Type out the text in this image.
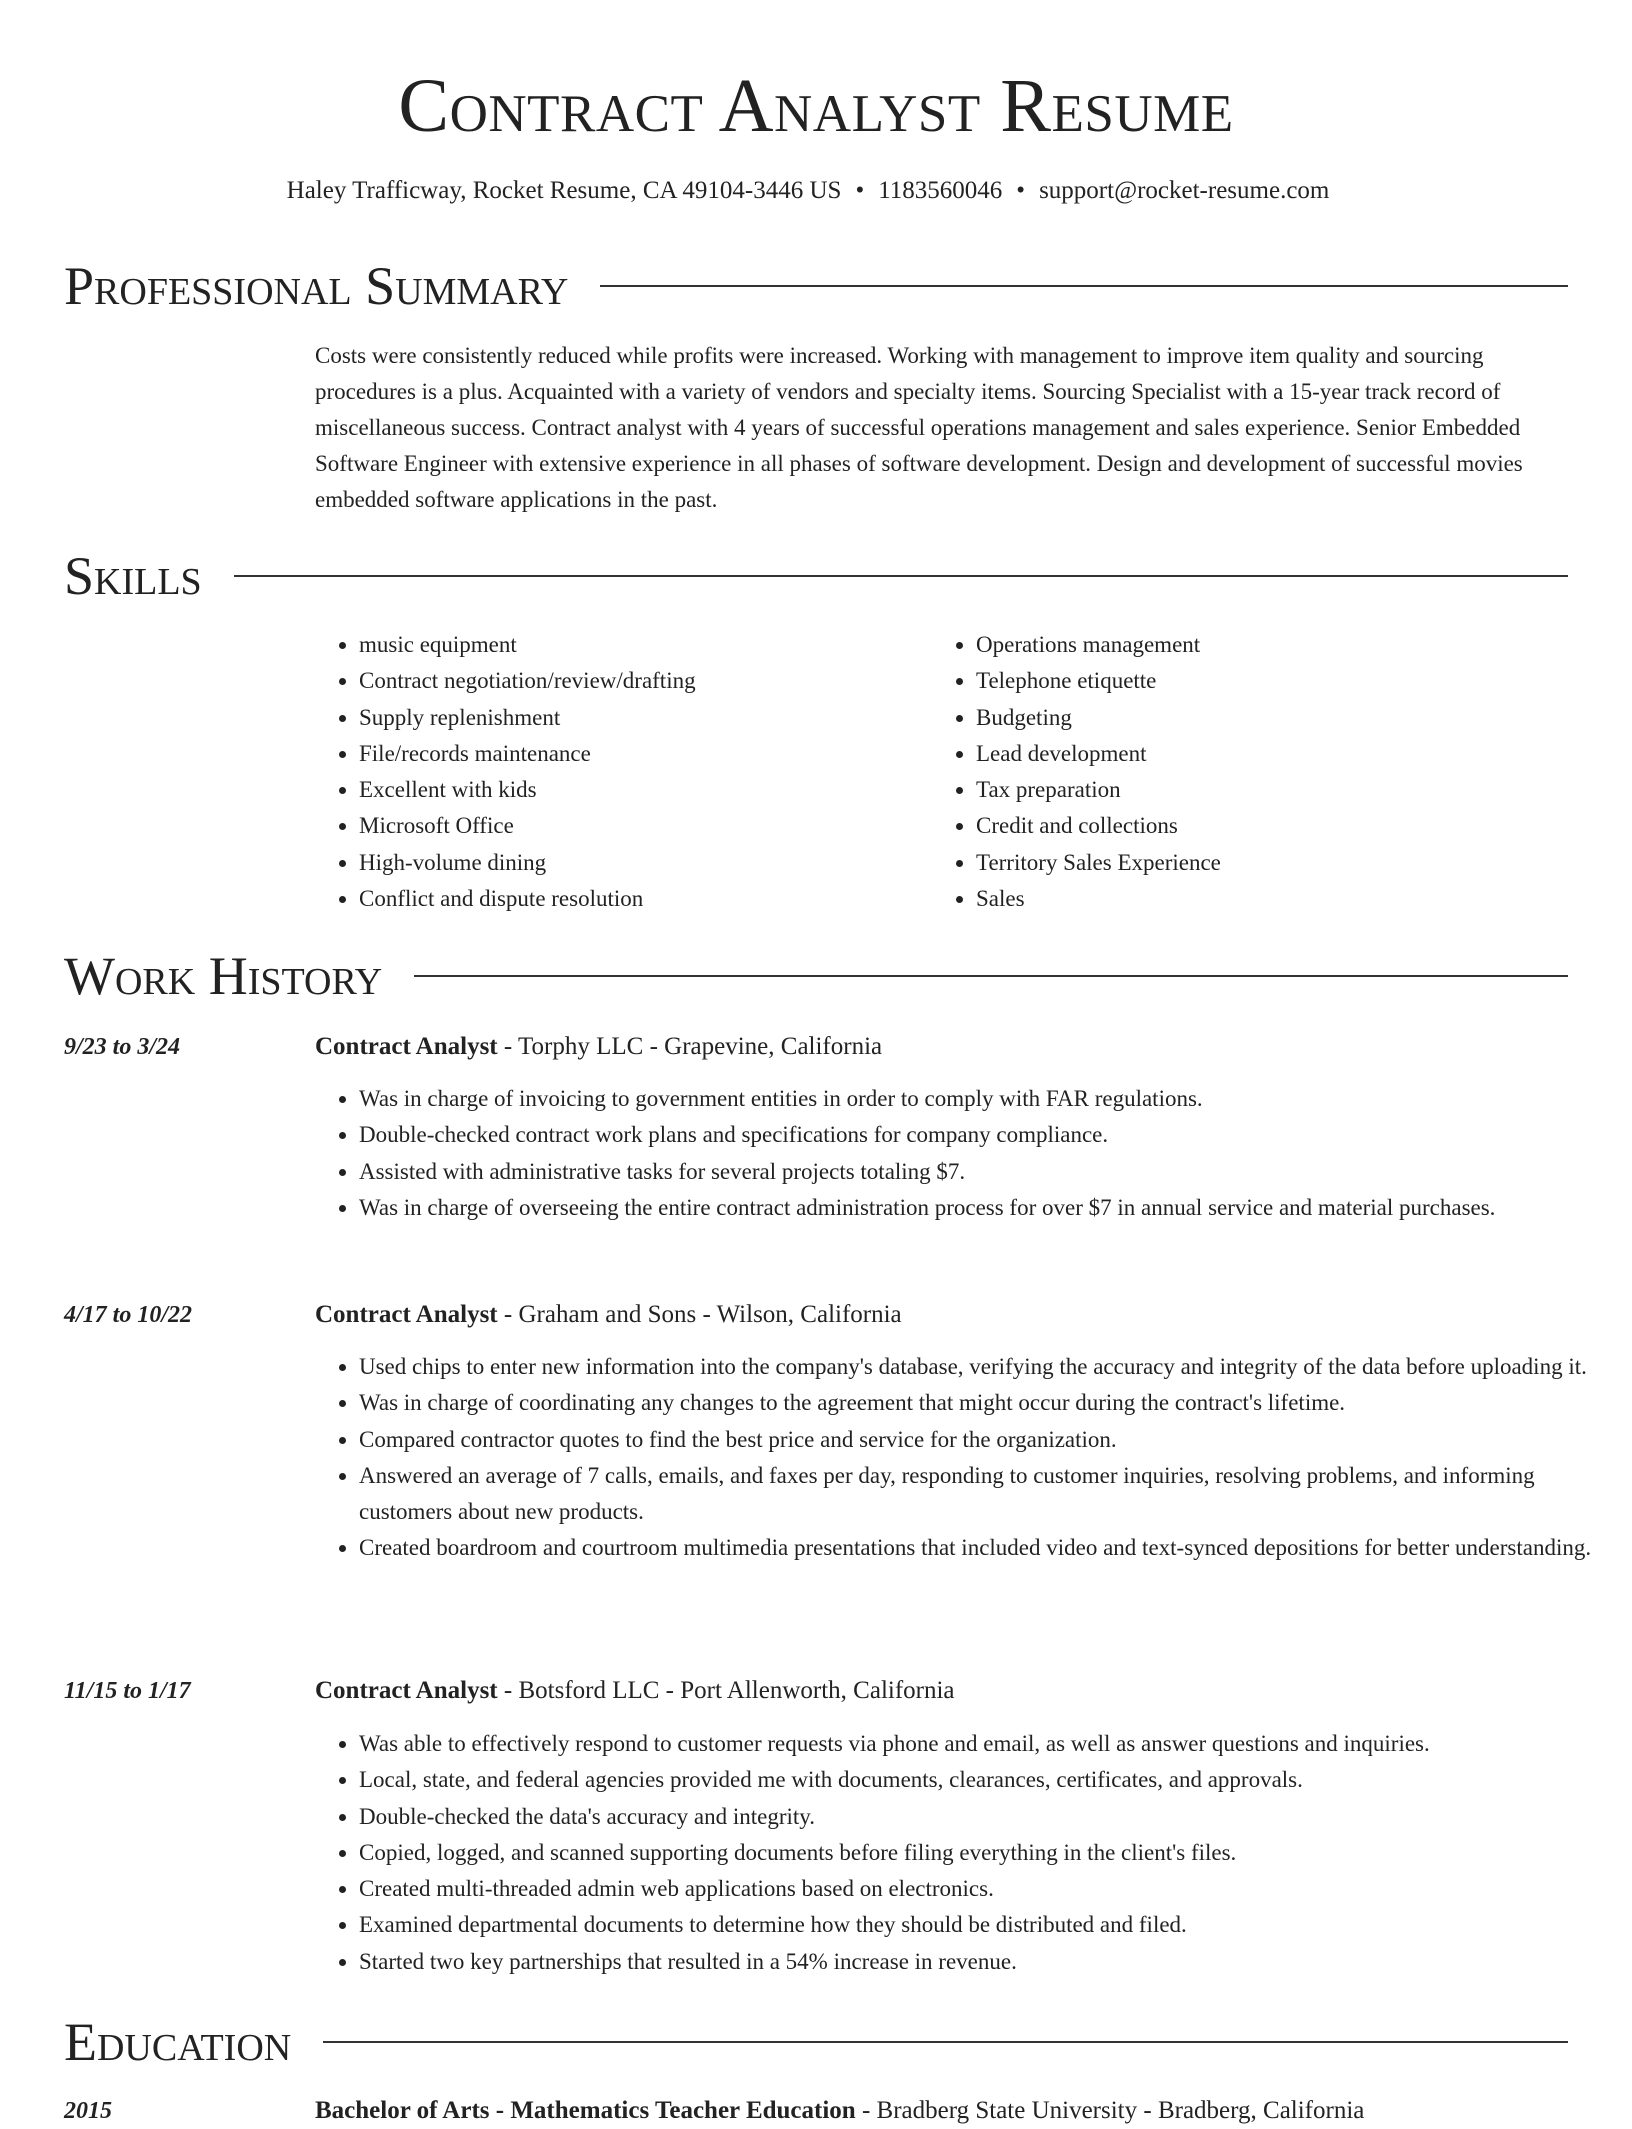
Contract Analyst Resume
Haley Trafficway, Rocket Resume, CA 49104-3446 US • 1183560046 • support@rocket-resume.com
Professional Summary

Costs were consistently reduced while profits were increased. Working with management to improve item quality and sourcing procedures is a plus. Acquainted with a variety of vendors and specialty items. Sourcing Specialist with a 15-year track record of miscellaneous success. Contract analyst with 4 years of successful operations management and sales experience. Senior Embedded Software Engineer with extensive experience in all phases of software development. Design and development of successful movies embedded software applications in the past.

Skills
• music equipment
• Contract negotiation/review/drafting
• Supply replenishment
• File/records maintenance
• Excellent with kids
• Microsoft Office
• High-volume dining
• Conflict and dispute resolution
• Operations management
• Telephone etiquette
• Budgeting
• Lead development
• Tax preparation
• Credit and collections
• Territory Sales Experience
• Sales
Work History
9/23 to 3/24	Contract Analyst - Torphy LLC - Grapevine, California
• Was in charge of invoicing to government entities in order to comply with FAR regulations.
• Double-checked contract work plans and specifications for company compliance.
• Assisted with administrative tasks for several projects totaling $7.
• Was in charge of overseeing the entire contract administration process for over $7 in annual service and material purchases.
4/17 to 10/22	Contract Analyst - Graham and Sons - Wilson, California
• Used chips to enter new information into the company's database, verifying the accuracy and integrity of the data before uploading it.
• Was in charge of coordinating any changes to the agreement that might occur during the contract's lifetime.
• Compared contractor quotes to find the best price and service for the organization.
• Answered an average of 7 calls, emails, and faxes per day, responding to customer inquiries, resolving problems, and informing customers about new products.
• Created boardroom and courtroom multimedia presentations that included video and text-synced depositions for better understanding.
11/15 to 1/17	Contract Analyst - Botsford LLC - Port Allenworth, California
• Was able to effectively respond to customer requests via phone and email, as well as answer questions and inquiries.
• Local, state, and federal agencies provided me with documents, clearances, certificates, and approvals.
• Double-checked the data's accuracy and integrity.
• Copied, logged, and scanned supporting documents before filing everything in the client's files.
• Created multi-threaded admin web applications based on electronics.
• Examined departmental documents to determine how they should be distributed and filed.
• Started two key partnerships that resulted in a 54% increase in revenue.
Education
2015	Bachelor of Arts - Mathematics Teacher Education - Bradberg State University - Bradberg, California
